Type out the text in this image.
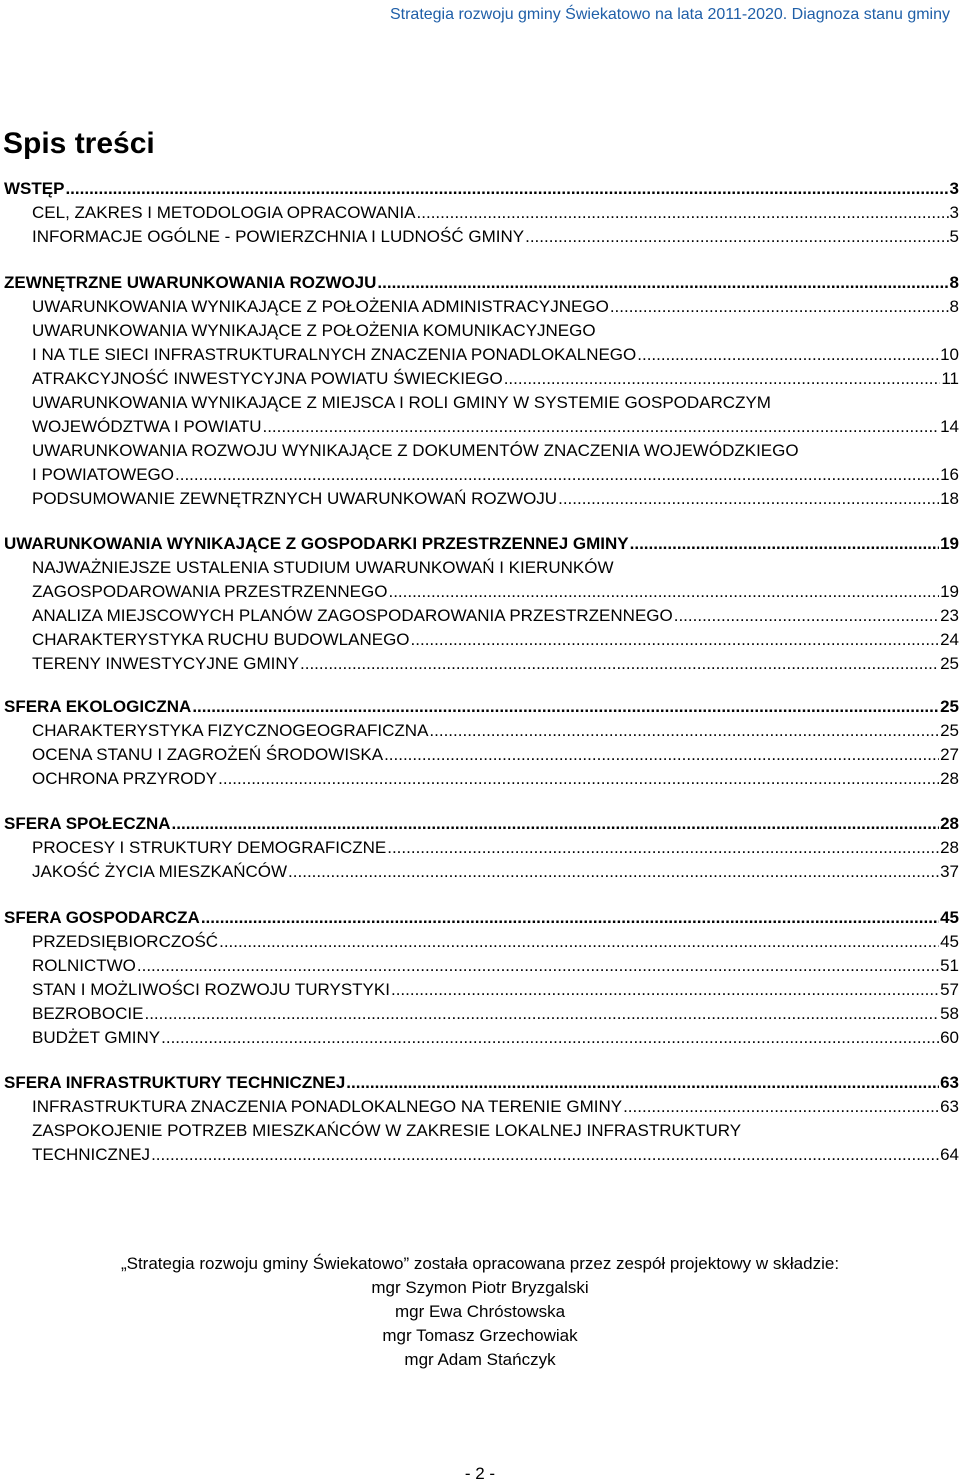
Strategia rozwoju gminy Świekatowo na lata 2011-2020. Diagnoza stanu gminy
Spis treści
WSTĘP .....	3
CEL, ZAKRES I METODOLOGIA OPRACOWANIA .....	3
INFORMACJE OGÓLNE - POWIERZCHNIA I LUDNOŚĆ GMINY .....	5
ZEWNĘTRZNE UWARUNKOWANIA ROZWOJU .....	8
UWARUNKOWANIA WYNIKAJĄCE Z POŁOŻENIA ADMINISTRACYJNEGO .....	8
UWARUNKOWANIA WYNIKAJĄCE Z POŁOŻENIA KOMUNIKACYJNEGO
I NA TLE SIECI INFRASTRUKTURALNYCH ZNACZENIA PONADLOKALNEGO .....	10
ATRAKCYJNOŚĆ INWESTYCYJNA POWIATU ŚWIECKIEGO .....	11
UWARUNKOWANIA WYNIKAJĄCE Z MIEJSCA I ROLI GMINY W SYSTEMIE GOSPODARCZYM
WOJEWÓDZTWA I POWIATU .....	14
UWARUNKOWANIA ROZWOJU WYNIKAJĄCE Z DOKUMENTÓW ZNACZENIA WOJEWÓDZKIEGO
I POWIATOWEGO .....	16
PODSUMOWANIE ZEWNĘTRZNYCH UWARUNKOWAŃ ROZWOJU .....	18
UWARUNKOWANIA WYNIKAJĄCE Z GOSPODARKI PRZESTRZENNEJ GMINY .....	19
NAJWAŻNIEJSZE USTALENIA STUDIUM UWARUNKOWAŃ I KIERUNKÓW
ZAGOSPODAROWANIA PRZESTRZENNEGO .....	19
ANALIZA MIEJSCOWYCH PLANÓW ZAGOSPODAROWANIA PRZESTRZENNEGO .....	23
CHARAKTERYSTYKA RUCHU BUDOWLANEGO .....	24
TERENY INWESTYCYJNE GMINY .....	25
SFERA EKOLOGICZNA .....	25
CHARAKTERYSTYKA FIZYCZNOGEOGRAFICZNA .....	25
OCENA STANU I ZAGROŻEŃ ŚRODOWISKA .....	27
OCHRONA PRZYRODY .....	28
SFERA SPOŁECZNA .....	28
PROCESY I STRUKTURY DEMOGRAFICZNE .....	28
JAKOŚĆ ŻYCIA MIESZKAŃCÓW .....	37
SFERA GOSPODARCZA .....	45
PRZEDSIĘBIORCZOŚĆ .....	45
ROLNICTWO .....	51
STAN I MOŻLIWOŚCI ROZWOJU TURYSTYKI .....	57
BEZROBOCIE .....	58
BUDŻET GMINY .....	60
SFERA INFRASTRUKTURY TECHNICZNEJ .....	63
INFRASTRUKTURA ZNACZENIA PONADLOKALNEGO NA TERENIE GMINY .....	63
ZASPOKOJENIE POTRZEB MIESZKAŃCÓW W ZAKRESIE LOKALNEJ INFRASTRUKTURY
TECHNICZNEJ .....	64
„Strategia rozwoju gminy Świekatowo” została opracowana przez zespół projektowy w składzie:
mgr Szymon Piotr Bryzgalski
mgr Ewa Chróstowska
mgr Tomasz Grzechowiak
mgr Adam Stańczyk
- 2 -
